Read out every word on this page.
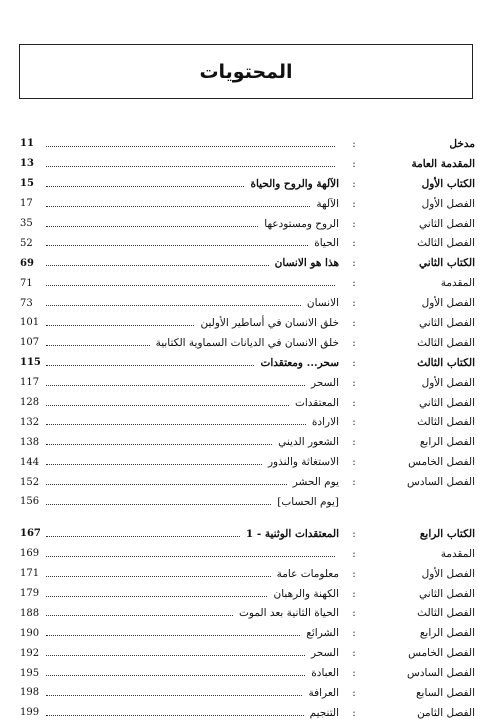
المحتويات
مدخل
:
11
المقدمة العامة
:
13
الكتاب الأول
:
الآلهة والروح والحياة
15
الفصل الأول
:
الآلهة
17
الفصل الثاني
:
الروح ومستودعها
35
الفصل الثالث
:
الحياة
52
الكتاب الثاني
:
هذا هو الانسان
69
المقدمة
:
71
الفصل الأول
:
الانسان
73
الفصل الثاني
:
خلق الانسان في أساطير الأولين
101
الفصل الثالث
:
خلق الانسان في الديانات السماوية الكتابية
107
الكتاب الثالث
:
سحر... ومعتقدات
115
الفصل الأول
:
السحر
117
الفصل الثاني
:
المعتقدات
128
الفصل الثالث
:
الارادة
132
الفصل الرابع
:
الشعور الديني
138
الفصل الخامس
:
الاستغاثة والنذور
144
الفصل السادس
:
يوم الحشر
152
[يوم الحساب]
156
الكتاب الرابع
:
المعتقدات الوثنية - 1
167
المقدمة
:
169
الفصل الأول
:
معلومات عامة
171
الفصل الثاني
:
الكهنة والرهبان
179
الفصل الثالث
:
الحياة الثانية بعد الموت
188
الفصل الرابع
:
الشرائع
190
الفصل الخامس
:
السحر
192
الفصل السادس
:
العبادة
195
الفصل السابع
:
العرافة
198
الفصل الثامن
:
التنجيم
199
